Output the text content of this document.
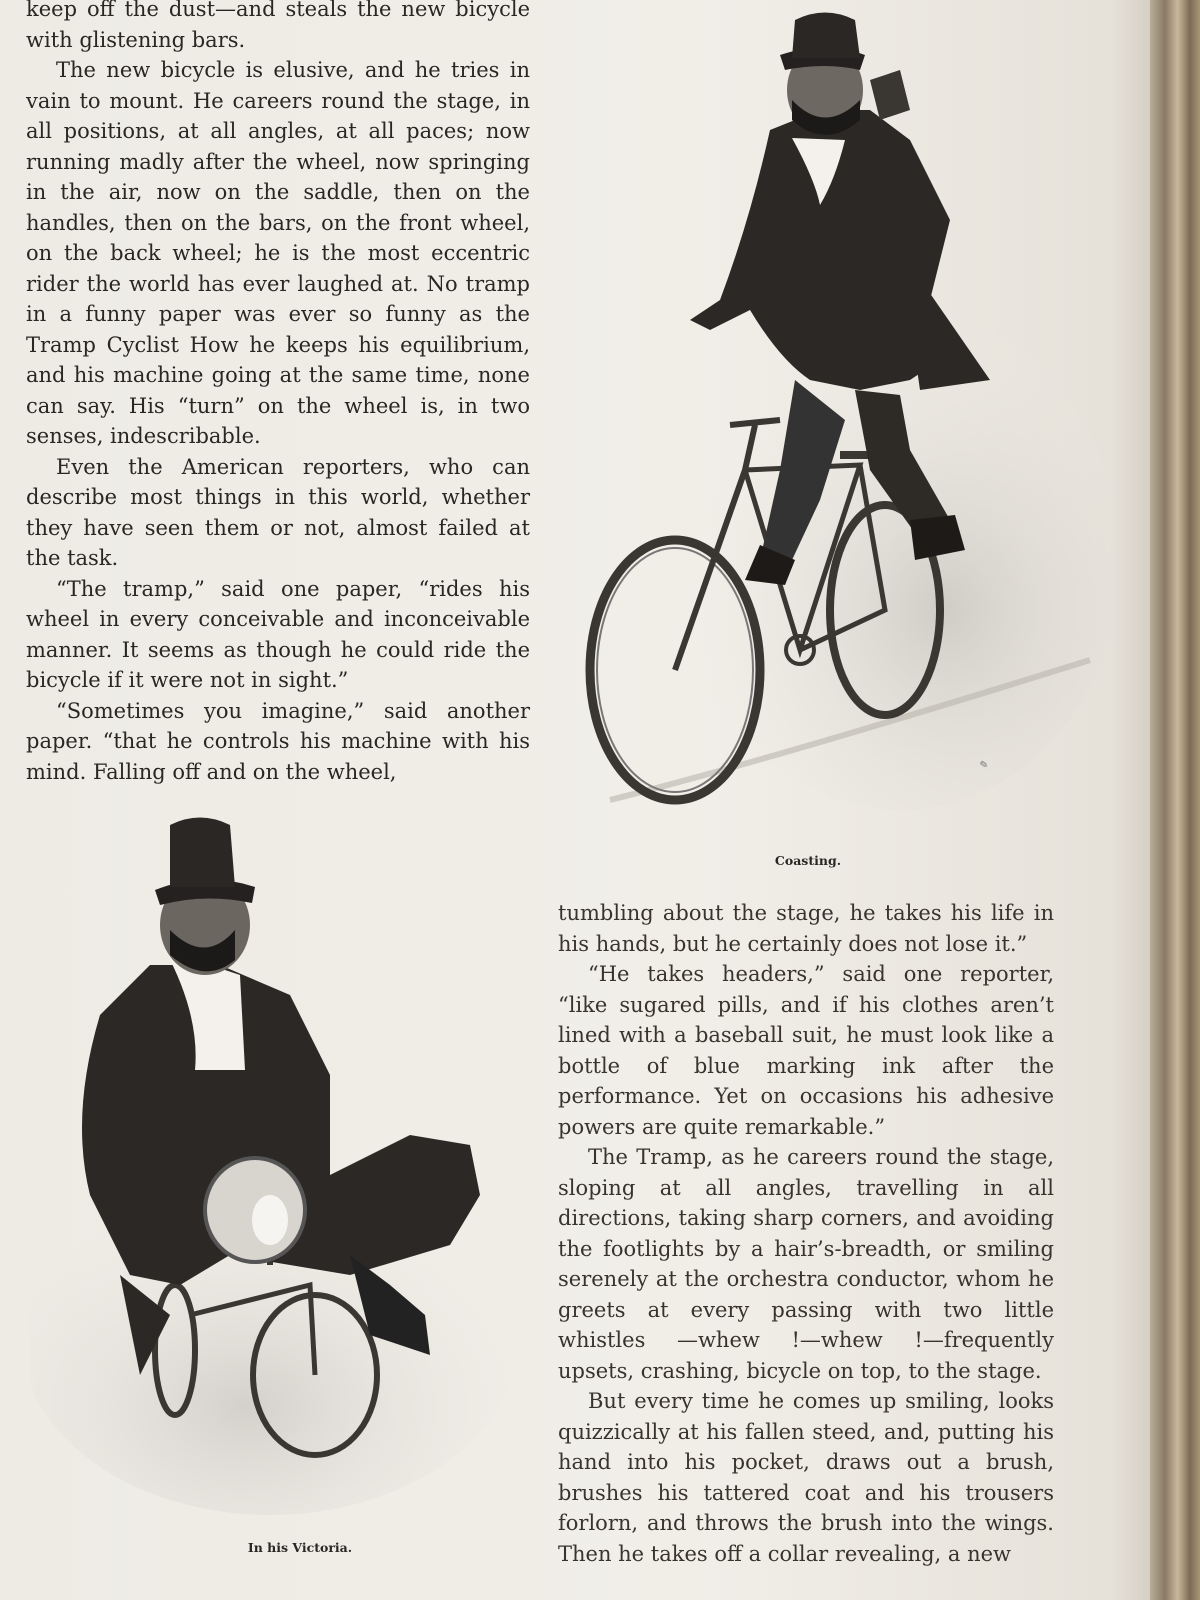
keep off the dust—and steals the new bicycle with glistening bars.

The new bicycle is elusive, and he tries in vain to mount. He careers round the stage, in all positions, at all angles, at all paces; now running madly after the wheel, now springing in the air, now on the saddle, then on the handles, then on the bars, on the front wheel, on the back wheel; he is the most eccentric rider the world has ever laughed at. No tramp in a funny paper was ever so funny as the Tramp Cyclist How he keeps his equilibrium, and his machine going at the same time, none can say. His “turn” on the wheel is, in two senses, indescribable.

Even the American reporters, who can describe most things in this world, whether they have seen them or not, almost failed at the task.

“The tramp,” said one paper, “rides his wheel in every conceivable and inconceivable manner. It seems as though he could ride the bicycle if it were not in sight.”

“Sometimes you imagine,” said another paper. “that he controls his machine with his mind. Falling off and on the wheel,	✎
Coasting.
In his Victoria.

tumbling about the stage, he takes his life in his hands, but he certainly does not lose it.”

“He takes headers,” said one reporter, “like sugared pills, and if his clothes aren’t lined with a baseball suit, he must look like a bottle of blue marking ink after the performance. Yet on occasions his adhesive powers are quite remarkable.”

The Tramp, as he careers round the stage, sloping at all angles, travelling in all directions, taking sharp corners, and avoiding the footlights by a hair’s-breadth, or smiling serenely at the orchestra conductor, whom he greets at every passing with two little whistles —whew !—whew !—frequently upsets, crashing, bicycle on top, to the stage.

But every time he comes up smiling, looks quizzically at his fallen steed, and, putting his hand into his pocket, draws out a brush, brushes his tattered coat and his trousers forlorn, and throws the brush into the wings. Then he takes off a collar revealing, a new
